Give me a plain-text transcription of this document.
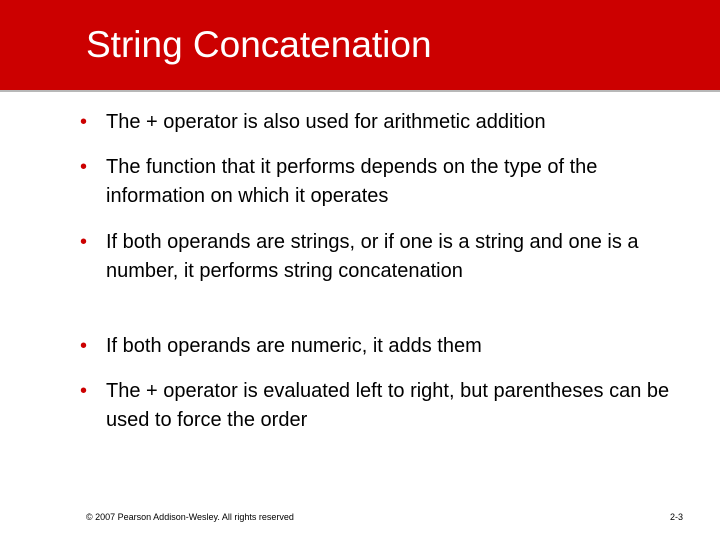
String Concatenation
• The + operator is also used for arithmetic addition
• The function that it performs depends on the type of the information on which it operates
• If both operands are strings, or if one is a string and one is a number, it performs string concatenation
• If both operands are numeric, it adds them
• The + operator is evaluated left to right, but parentheses can be used to force the order
© 2007 Pearson Addison-Wesley. All rights reserved	2-3
